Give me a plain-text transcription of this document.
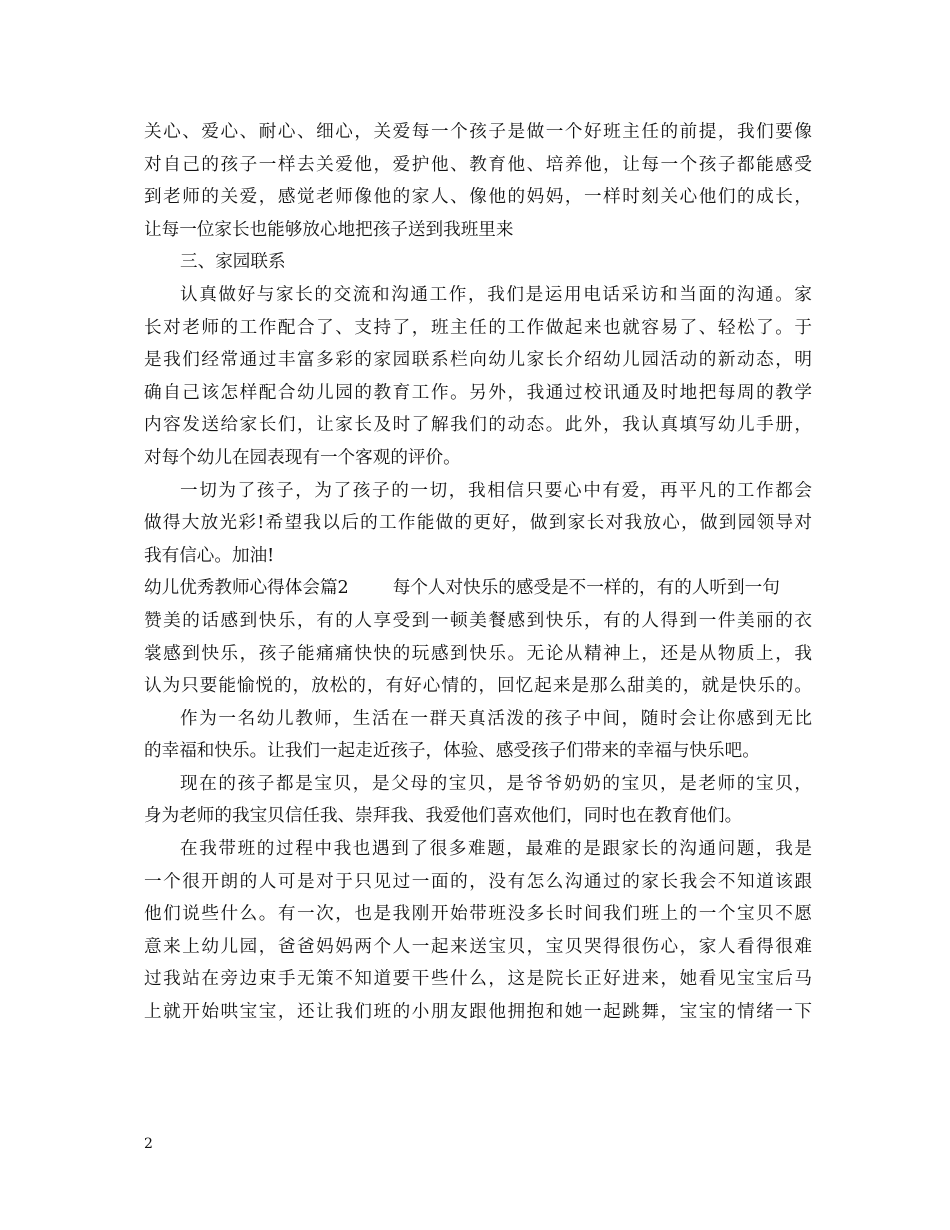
关心、爱心、耐心、细心，关爱每一个孩子是做一个好班主任的前提，我们要像
对自己的孩子一样去关爱他，爱护他、教育他、培养他，让每一个孩子都能感受
到老师的关爱，感觉老师像他的家人、像他的妈妈，一样时刻关心他们的成长，
让每一位家长也能够放心地把孩子送到我班里来
三、家园联系
认真做好与家长的交流和沟通工作，我们是运用电话采访和当面的沟通。家
长对老师的工作配合了、支持了，班主任的工作做起来也就容易了、轻松了。于
是我们经常通过丰富多彩的家园联系栏向幼儿家长介绍幼儿园活动的新动态，明
确自己该怎样配合幼儿园的教育工作。另外，我通过校讯通及时地把每周的教学
内容发送给家长们，让家长及时了解我们的动态。此外，我认真填写幼儿手册，
对每个幼儿在园表现有一个客观的评价。
一切为了孩子，为了孩子的一切，我相信只要心中有爱，再平凡的工作都会
做得大放光彩!希望我以后的工作能做的更好，做到家长对我放心，做到园领导对
我有信心。加油!
幼儿优秀教师心得体会篇2	每个人对快乐的感受是不一样的，有的人听到一句
赞美的话感到快乐，有的人享受到一顿美餐感到快乐，有的人得到一件美丽的衣
裳感到快乐，孩子能痛痛快快的玩感到快乐。无论从精神上，还是从物质上，我
认为只要能愉悦的，放松的，有好心情的，回忆起来是那么甜美的，就是快乐的。
作为一名幼儿教师，生活在一群天真活泼的孩子中间，随时会让你感到无比
的幸福和快乐。让我们一起走近孩子，体验、感受孩子们带来的幸福与快乐吧。
现在的孩子都是宝贝，是父母的宝贝，是爷爷奶奶的宝贝，是老师的宝贝，
身为老师的我宝贝信任我、崇拜我、我爱他们喜欢他们，同时也在教育他们。
在我带班的过程中我也遇到了很多难题，最难的是跟家长的沟通问题，我是
一个很开朗的人可是对于只见过一面的，没有怎么沟通过的家长我会不知道该跟
他们说些什么。有一次，也是我刚开始带班没多长时间我们班上的一个宝贝不愿
意来上幼儿园，爸爸妈妈两个人一起来送宝贝，宝贝哭得很伤心，家人看得很难
过我站在旁边束手无策不知道要干些什么，这是院长正好进来，她看见宝宝后马
上就开始哄宝宝，还让我们班的小朋友跟他拥抱和她一起跳舞，宝宝的情绪一下
2
